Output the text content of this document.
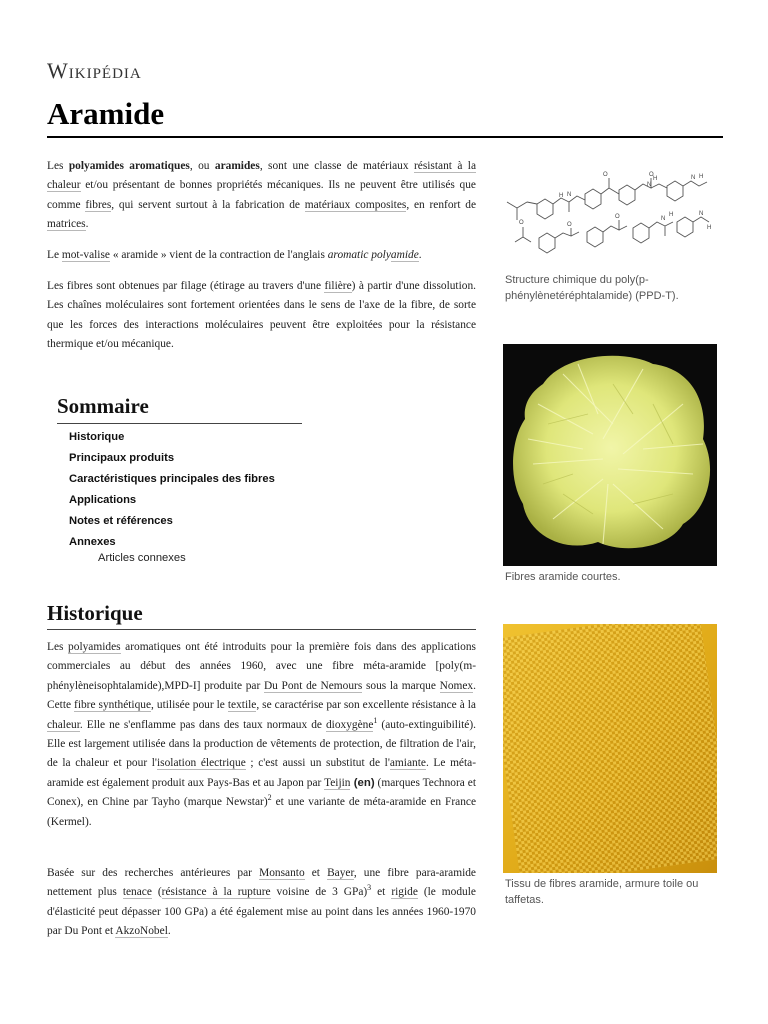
Wikipédia
Aramide

Les polyamides aromatiques, ou aramides, sont une classe de matériaux résistant à la chaleur et/ou présentant de bonnes propriétés mécaniques. Ils ne peuvent être utilisés que comme fibres, qui servent surtout à la fabrication de matériaux composites, en renfort de matrices.

Le mot-valise « aramide » vient de la contraction de l'anglais aromatic polyamide.

Les fibres sont obtenues par filage (étirage au travers d'une filière) à partir d'une dissolution. Les chaînes moléculaires sont fortement orientées dans le sens de l'axe de la fibre, de sorte que les forces des interactions moléculaires peuvent être exploitées pour la résistance thermique et/ou mécanique.

Sommaire
Historique
Principaux produits
Caractéristiques principales des fibres
Applications
Notes et références
Annexes
Articles connexes
Historique

Les polyamides aromatiques ont été introduits pour la première fois dans des applications commerciales au début des années 1960, avec une fibre méta-aramide [poly(m-phénylèneisophtalamide),MPD-I] produite par Du Pont de Nemours sous la marque Nomex. Cette fibre synthétique, utilisée pour le textile, se caractérise par son excellente résistance à la chaleur. Elle ne s'enflamme pas dans des taux normaux de dioxygène$^1$ (auto-extinguibilité). Elle est largement utilisée dans la production de vêtements de protection, de filtration de l'air, de la chaleur et pour l'isolation électrique ; c'est aussi un substitut de l'amiante. Le méta-aramide est également produit aux Pays-Bas et au Japon par Teijin (en) (marques Technora et Conex), en Chine par Tayho (marque Newstar)$^2$ et une variante de méta-aramide en France (Kermel).

Basée sur des recherches antérieures par Monsanto et Bayer, une fibre para-aramide nettement plus tenace (résistance à la rupture voisine de 3 GPa)$^3$ et rigide (le module d'élasticité peut dépasser 100 GPa) a été également mise au point dans les années 1960-1970 par Du Pont et AkzoNobel.

H N
O	O
N
H	N H
O	O
O	N
H	N
H
Structure chimique du poly(p-phénylènetéréphtalamide) (PPD-T).
Fibres aramide courtes.
Tissu de fibres aramide, armure toile ou taffetas.
